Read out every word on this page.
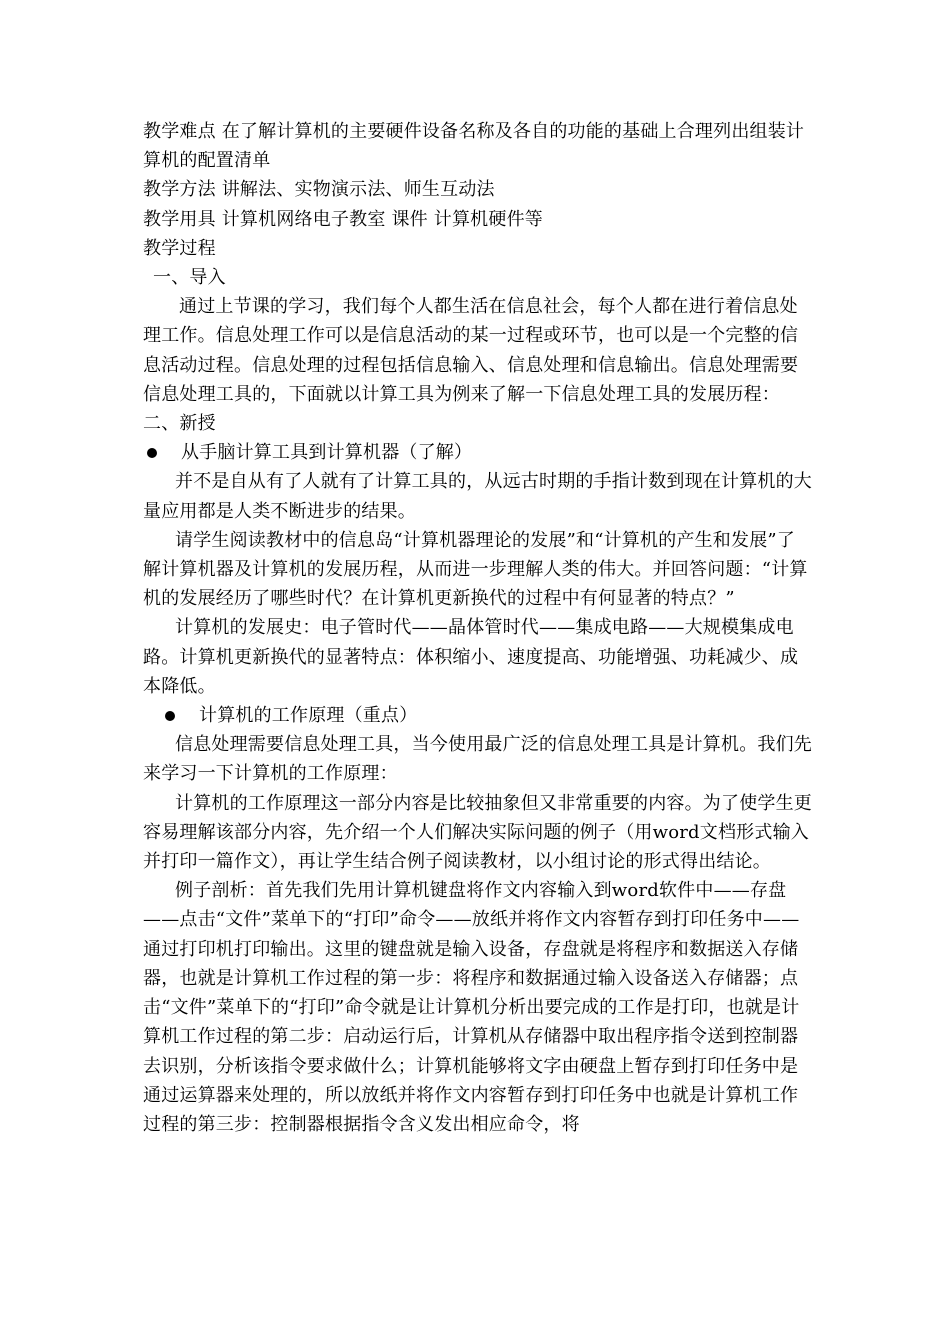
教学难点 在了解计算机的主要硬件设备名称及各自的功能的基础上合理列出组装计算机的配置清单

教学方法 讲解法、实物演示法、师生互动法

教学用具 计算机网络电子教室 课件 计算机硬件等

教学过程

一、导入

通过上节课的学习，我们每个人都生活在信息社会，每个人都在进行着信息处理工作。信息处理工作可以是信息活动的某一过程或环节，也可以是一个完整的信息活动过程。信息处理的过程包括信息输入、信息处理和信息输出。信息处理需要信息处理工具的，下面就以计算工具为例来了解一下信息处理工具的发展历程：

二、新授

从手脑计算工具到计算机器（了解）

并不是自从有了人就有了计算工具的，从远古时期的手指计数到现在计算机的大量应用都是人类不断进步的结果。

请学生阅读教材中的信息岛“计算机器理论的发展”和“计算机的产生和发展”了解计算机器及计算机的发展历程，从而进一步理解人类的伟大。并回答问题：“计算机的发展经历了哪些时代？在计算机更新换代的过程中有何显著的特点？”

计算机的发展史：电子管时代——晶体管时代——集成电路——大规模集成电路。计算机更新换代的显著特点：体积缩小、速度提高、功能增强、功耗减少、成本降低。

计算机的工作原理（重点）

信息处理需要信息处理工具，当今使用最广泛的信息处理工具是计算机。我们先来学习一下计算机的工作原理：

计算机的工作原理这一部分内容是比较抽象但又非常重要的内容。为了使学生更容易理解该部分内容，先介绍一个人们解决实际问题的例子（用word文档形式输入并打印一篇作文），再让学生结合例子阅读教材，以小组讨论的形式得出结论。

例子剖析：首先我们先用计算机键盘将作文内容输入到word软件中——存盘——点击“文件”菜单下的“打印”命令——放纸并将作文内容暂存到打印任务中——通过打印机打印输出。这里的键盘就是输入设备，存盘就是将程序和数据送入存储器，也就是计算机工作过程的第一步：将程序和数据通过输入设备送入存储器；点击“文件”菜单下的“打印”命令就是让计算机分析出要完成的工作是打印，也就是计算机工作过程的第二步：启动运行后，计算机从存储器中取出程序指令送到控制器去识别，分析该指令要求做什么；计算机能够将文字由硬盘上暂存到打印任务中是通过运算器来处理的，所以放纸并将作文内容暂存到打印任务中也就是计算机工作过程的第三步：控制器根据指令含义发出相应命令，将
